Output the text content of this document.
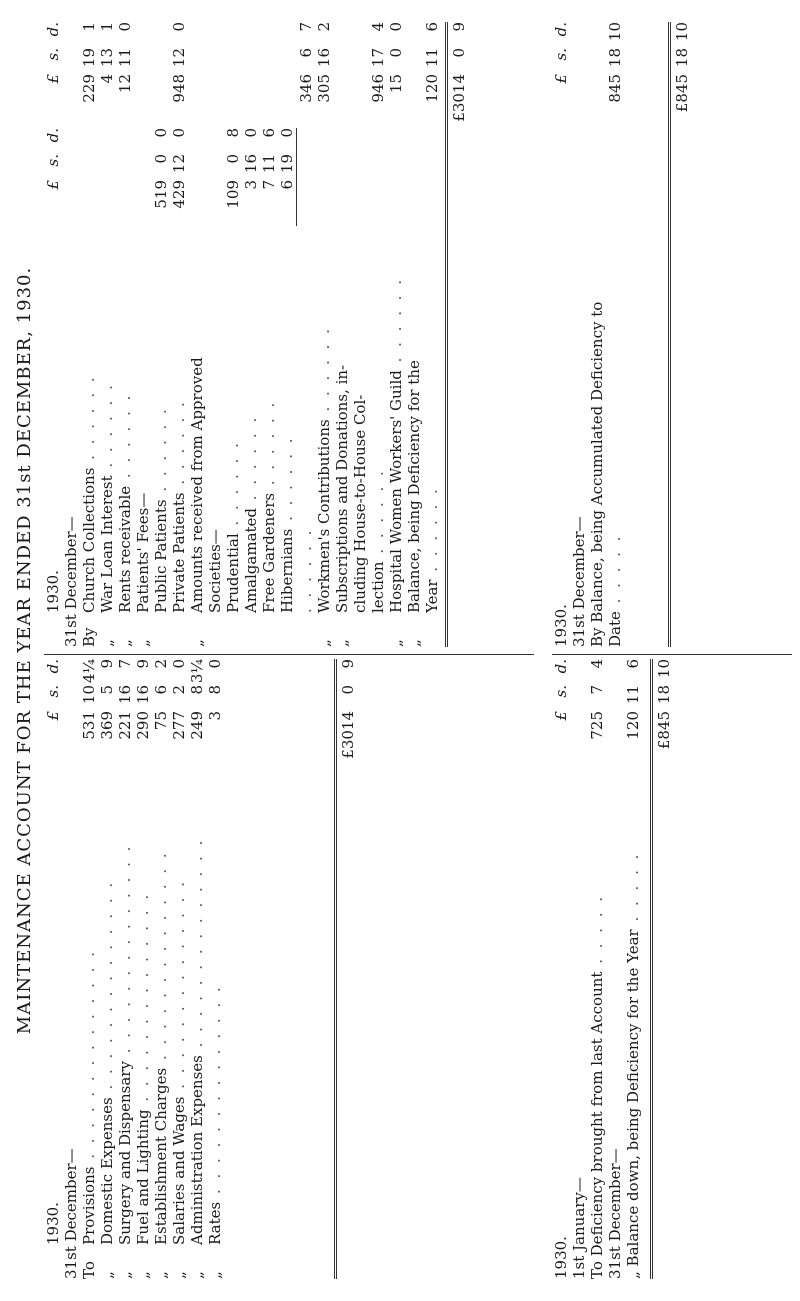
MAINTENANCE ACCOUNT FOR THE YEAR ENDED 31st DECEMBER, 1930.

	1930.	£	s.	d.
31st December—				To	Provisions . . . . . . . . . . . . . .	531	10	4¼
„	Domestic Expenses . . . . . . . . . . . . . .	369	5	9
„	Surgery and Dispensary . . . . . . . . . . . . . .	221	16	7
„	Fuel and Lighting . . . . . . . . . . . . . .	290	16	9
„	Establishment Charges . . . . . . . . . . . . . .	75	6	2
„	Salaries and Wages . . . . . . . . . . . . . .	277	2	0
„	Administration Expenses . . . . . . . . . . . . . .	249	8	3¼
„	Rates . . . . . . . . . . . . . .	3	8	0
		£3014	0	9

	1930.	£	s.	d.		£	s.	d.
31st December—								By	Church Collections . . . . . .					229	19	1
„	War Loan Interest . . . . . .					4	13	1
„	Rents receivable . . . . . .					12	11	0
„	Patients' Fees—							
	Public Patients . . . . . .	519	0	0				
	Private Patients . . . . . .	429	12	0		948	12	0
„	Amounts received from Approved							
	Societies—							
	Prudential . . . . . .	109	0	8				
	Amalgamated . . . . . .	3	16	0				
	Free Gardeners . . . . . .	7	11	6				
	Hibernians . . . . . .	6	19	0				
	. . . . . .					346	6	7
„	Workmen's Contributions . . . . . .					305	16	2
„	Subscriptions and Donations, in-							
	cluding House-to-House Col-							
	lection . . . . . .					946	17	4
„	Hospital Women Workers' Guild . . . . . .					15	0	0
„	Balance, being Deficiency for the							
	Year . . . . . .					120	11	6
						£3014	0	9
1930.	£	s.	d.
1st January—			
To Deficiency brought from last Account . . . . .	725	7	4
31st December—			
„ Balance down, being Deficiency for the Year . . . . .	120	11	6
	£845	18	10
1930.	£	s.	d.
31st December—			
By Balance, being Accumulated Deficiency to			
Date . . . . .	845	18	10
	£845	18	10
